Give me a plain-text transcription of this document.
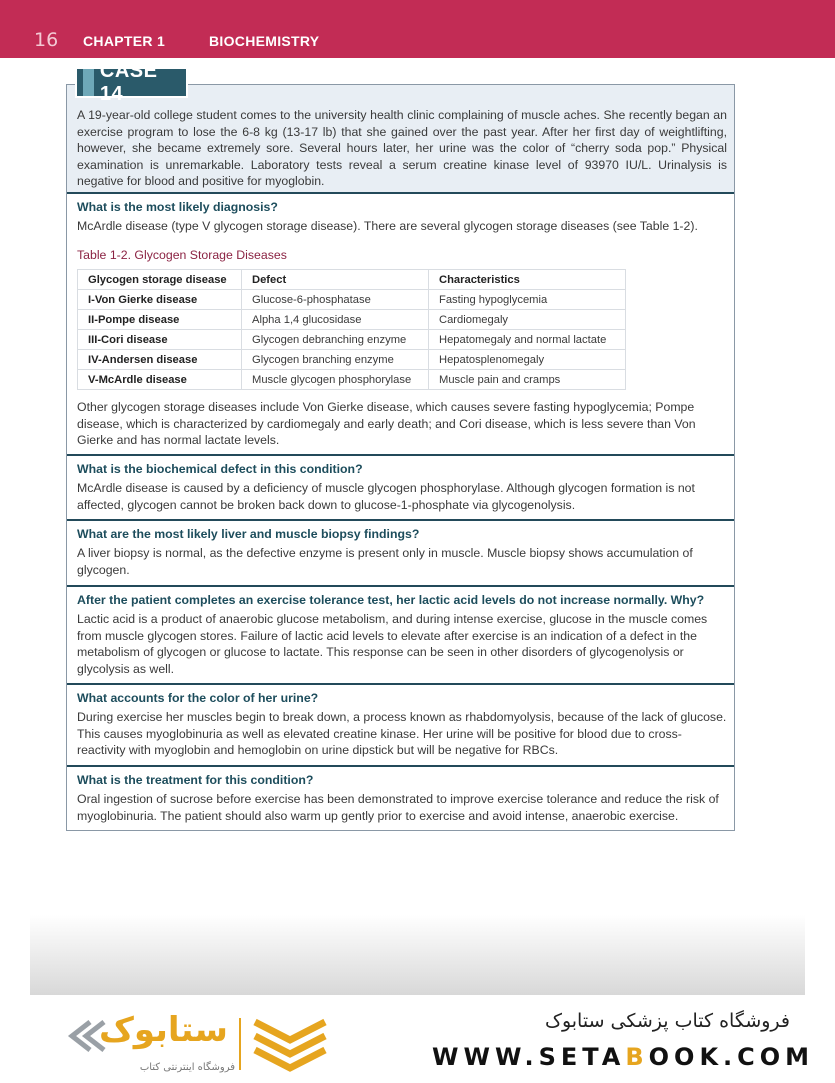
16 CHAPTER 1	BIOCHEMISTRY
A 19-year-old college student comes to the university health clinic complaining of muscle aches. She recently began an exercise program to lose the 6-8 kg (13-17 lb) that she gained over the past year. After her first day of weightlifting, however, she became extremely sore. Several hours later, her urine was the color of “cherry soda pop.” Physical examination is unremarkable. Laboratory tests reveal a serum creatine kinase level of 93970 IU/L. Urinalysis is negative for blood and positive for myoglobin.
What is the most likely diagnosis?
McArdle disease (type V glycogen storage disease). There are several glycogen storage diseases (see Table 1-2).
Table 1-2. Glycogen Storage Diseases
Glycogen storage disease	Defect	Characteristics
I-Von Gierke disease	Glucose-6-phosphatase	Fasting hypoglycemia
II-Pompe disease	Alpha 1,4 glucosidase	Cardiomegaly
III-Cori disease	Glycogen debranching enzyme	Hepatomegaly and normal lactate
IV-Andersen disease	Glycogen branching enzyme	Hepatosplenomegaly
V-McArdle disease	Muscle glycogen phosphorylase	Muscle pain and cramps
Other glycogen storage diseases include Von Gierke disease, which causes severe fasting hypoglycemia; Pompe disease, which is characterized by cardiomegaly and early death; and Cori disease, which is less severe than Von Gierke and has normal lactate levels.
What is the biochemical defect in this condition?
McArdle disease is caused by a deficiency of muscle glycogen phosphorylase. Although glycogen formation is not affected, glycogen cannot be broken back down to glucose-1-phosphate via glycogenolysis.
What are the most likely liver and muscle biopsy findings?
A liver biopsy is normal, as the defective enzyme is present only in muscle. Muscle biopsy shows accumulation of glycogen.
After the patient completes an exercise tolerance test, her lactic acid levels do not increase normally. Why?
Lactic acid is a product of anaerobic glucose metabolism, and during intense exercise, glucose in the muscle comes from muscle glycogen stores. Failure of lactic acid levels to elevate after exercise is an indication of a defect in the metabolism of glycogen or glucose to lactate. This response can be seen in other disorders of glycogenolysis or glycolysis as well.
What accounts for the color of her urine?
During exercise her muscles begin to break down, a process known as rhabdomyolysis, because of the lack of glucose. This causes myoglobinuria as well as elevated creatine kinase. Her urine will be positive for blood due to cross-reactivity with myoglobin and hemoglobin on urine dipstick but will be negative for RBCs.
What is the treatment for this condition?
Oral ingestion of sucrose before exercise has been demonstrated to improve exercise tolerance and reduce the risk of myoglobinuria. The patient should also warm up gently prior to exercise and avoid intense, anaerobic exercise.
CASE 14
ستابوک
فروشگاه اینترنتی کتاب
فروشگاه کتاب پزشکی ستابوک
WWW.SETABOOK.COM
